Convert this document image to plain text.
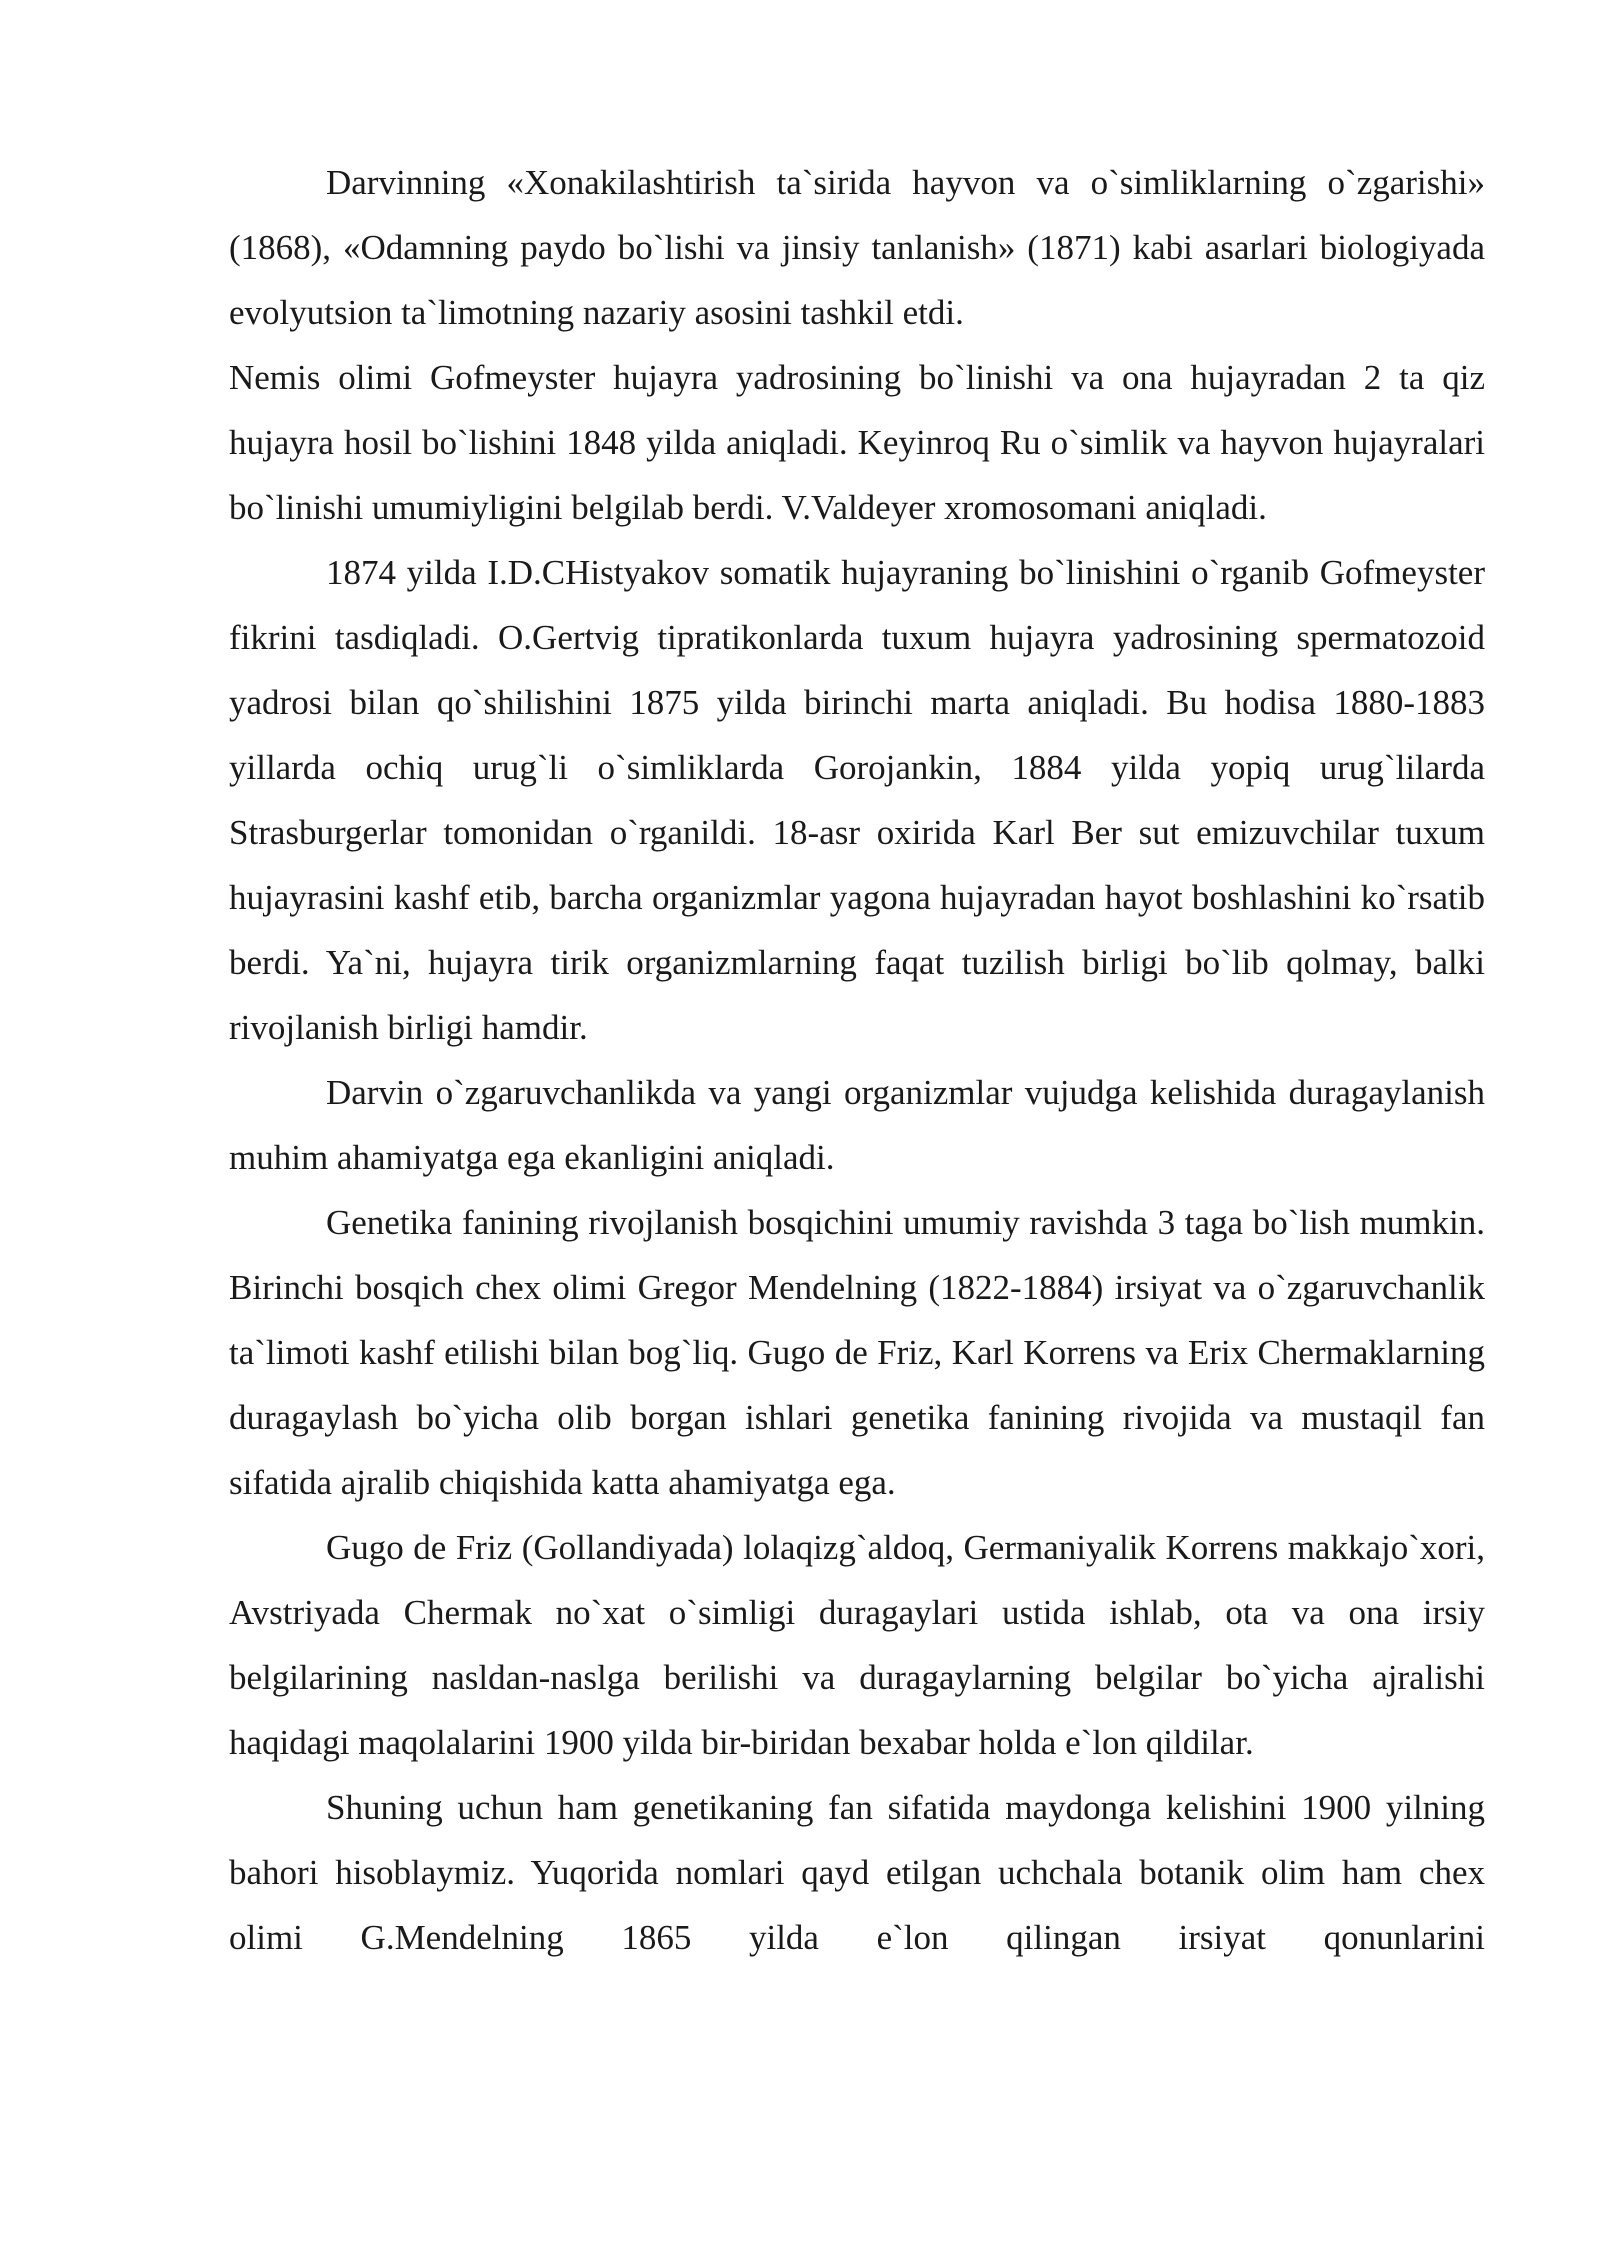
Darvinning «Xonakilashtirish ta`sirida hayvon va o`simliklarning o`zgarishi» (1868), «Odamning paydo bo`lishi va jinsiy tanlanish» (1871) kabi asarlari biologiyada evolyutsion ta`limotning nazariy asosini tashkil etdi.

Nemis olimi Gofmeyster hujayra yadrosining bo`linishi va ona hujayradan 2 ta qiz hujayra hosil bo`lishini 1848 yilda aniqladi. Keyinroq Ru o`simlik va hayvon hujayralari bo`linishi umumiyligini belgilab berdi. V.Valdeyer xromosomani aniqladi.

1874 yilda I.D.CHistyakov somatik hujayraning bo`linishini o`rganib Gofmeyster fikrini tasdiqladi. O.Gertvig tipratikonlarda tuxum hujayra yadrosining spermatozoid yadrosi bilan qo`shilishini 1875 yilda birinchi marta aniqladi. Bu hodisa 1880-1883 yillarda ochiq urug`li o`simliklarda Gorojankin, 1884 yilda yopiq urug`lilarda Strasburgerlar tomonidan o`rganildi. 18-asr oxirida Karl Ber sut emizuvchilar tuxum hujayrasini kashf etib, barcha organizmlar yagona hujayradan hayot boshlashini ko`rsatib berdi. Ya`ni, hujayra tirik organizmlarning faqat tuzilish birligi bo`lib qolmay, balki rivojlanish birligi hamdir.

Darvin o`zgaruvchanlikda va yangi organizmlar vujudga kelishida duragaylanish muhim ahamiyatga ega ekanligini aniqladi.

Genetika fanining rivojlanish bosqichini umumiy ravishda 3 taga bo`lish mumkin. Birinchi bosqich chex olimi Gregor Mendelning (1822-1884) irsiyat va o`zgaruvchanlik ta`limoti kashf etilishi bilan bog`liq. Gugo de Friz, Karl Korrens va Erix Chermaklarning duragaylash bo`yicha olib borgan ishlari genetika fanining rivojida va mustaqil fan sifatida ajralib chiqishida katta ahamiyatga ega.

Gugo de Friz (Gollandiyada) lolaqizg`aldoq, Germaniyalik Korrens makkajo`xori, Avstriyada Chermak no`xat o`simligi duragaylari ustida ishlab, ota va ona irsiy belgilarining nasldan-naslga berilishi va duragaylarning belgilar bo`yicha ajralishi haqidagi maqolalarini 1900 yilda bir-biridan bexabar holda e`lon qildilar.

Shuning uchun ham genetikaning fan sifatida maydonga kelishini 1900 yilning bahori hisoblaymiz. Yuqorida nomlari qayd etilgan uchchala botanik olim ham chex olimi G.Mendelning 1865 yilda e`lon qilingan irsiyat qonunlarini
